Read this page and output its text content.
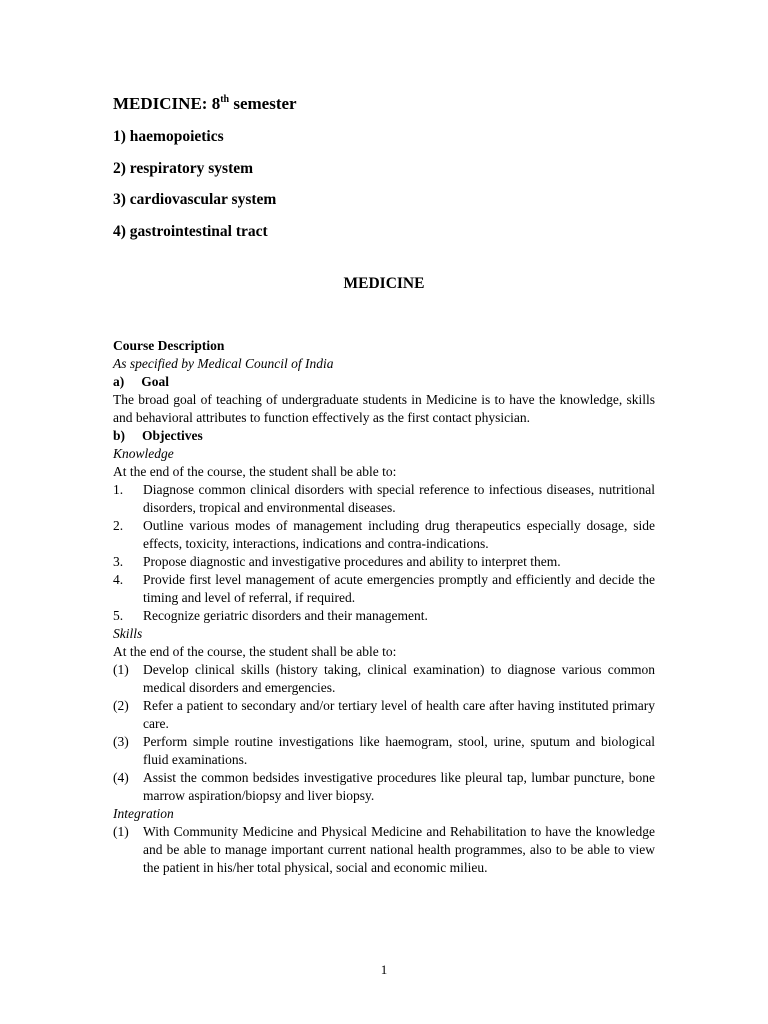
MEDICINE: 8th semester
1) haemopoietics
2) respiratory system
3) cardiovascular system
4) gastrointestinal tract
MEDICINE
Course Description
As specified by Medical Council of India
a) Goal
The broad goal of teaching of undergraduate students in Medicine is to have the knowledge, skills and behavioral attributes to function effectively as the first contact physician.
b) Objectives
Knowledge
At the end of the course, the student shall be able to:
1.	Diagnose common clinical disorders with special reference to infectious diseases, nutritional disorders, tropical and environmental diseases.
2.	Outline various modes of management including drug therapeutics especially dosage, side effects, toxicity, interactions, indications and contra-indications.
3.	Propose diagnostic and investigative procedures and ability to interpret them.
4.	Provide first level management of acute emergencies promptly and efficiently and decide the timing and level of referral, if required.
5.	Recognize geriatric disorders and their management.
Skills
At the end of the course, the student shall be able to:
(1)	Develop clinical skills (history taking, clinical examination) to diagnose various common medical disorders and emergencies.
(2)	Refer a patient to secondary and/or tertiary level of health care after having instituted primary care.
(3)	Perform simple routine investigations like haemogram, stool, urine, sputum and biological fluid examinations.
(4)	Assist the common bedsides investigative procedures like pleural tap, lumbar puncture, bone marrow aspiration/biopsy and liver biopsy.
Integration
(1)	With Community Medicine and Physical Medicine and Rehabilitation to have the knowledge and be able to manage important current national health programmes, also to be able to view the patient in his/her total physical, social and economic milieu.
1
